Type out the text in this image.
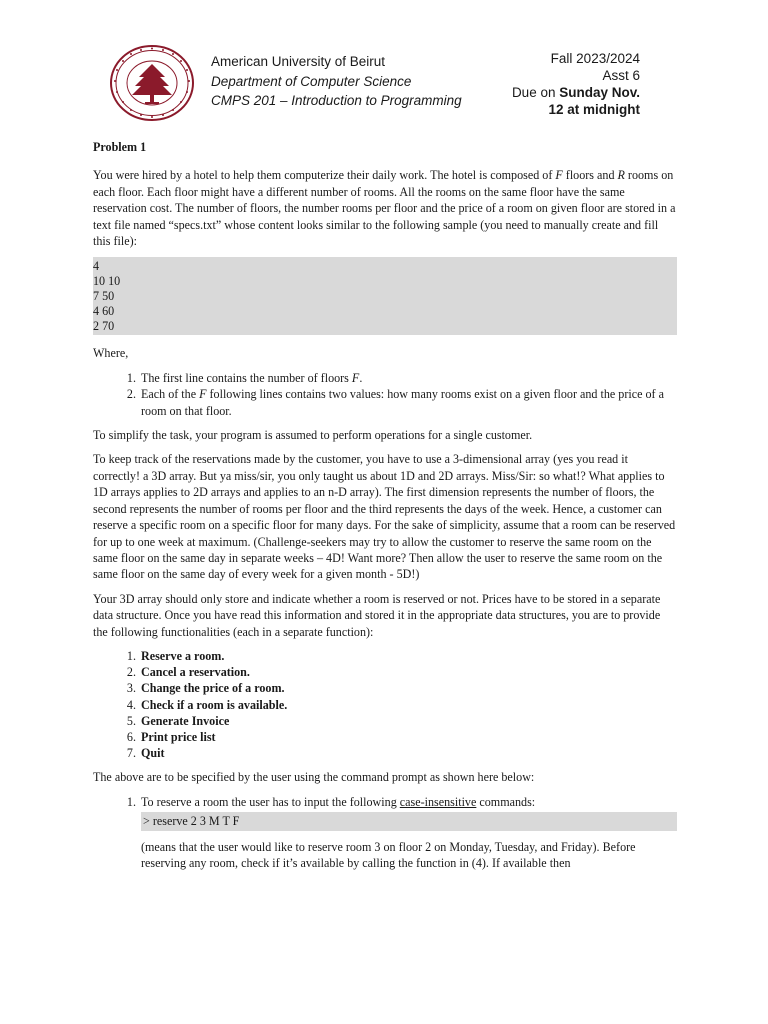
American University of Beirut
Department of Computer Science
CMPS 201 – Introduction to Programming
Fall 2023/2024
Asst 6
Due on Sunday Nov.
12 at midnight

Problem 1

You were hired by a hotel to help them computerize their daily work. The hotel is composed of F floors and R rooms on each floor. Each floor might have a different number of rooms. All the rooms on the same floor have the same reservation cost. The number of floors, the number rooms per floor and the price of a room on given floor are stored in a text file named “specs.txt” whose content looks similar to the following sample (you need to manually create and fill this file):

4
10 10
7 50
4 60
2 70

Where,

1. The first line contains the number of floors F.
2. Each of the F following lines contains two values: how many rooms exist on a given floor and the price of a room on that floor.

To simplify the task, your program is assumed to perform operations for a single customer.

To keep track of the reservations made by the customer, you have to use a 3-dimensional array (yes you read it correctly! a 3D array. But ya miss/sir, you only taught us about 1D and 2D arrays. Miss/Sir: so what!? What applies to 1D arrays applies to 2D arrays and applies to an n-D array). The first dimension represents the number of floors, the second represents the number of rooms per floor and the third represents the days of the week. Hence, a customer can reserve a specific room on a specific floor for many days. For the sake of simplicity, assume that a room can be reserved for up to one week at maximum. (Challenge-seekers may try to allow the customer to reserve the same room on the same floor on the same day in separate weeks – 4D! Want more? Then allow the user to reserve the same room on the same floor on the same day of every week for a given month - 5D!)

Your 3D array should only store and indicate whether a room is reserved or not. Prices have to be stored in a separate data structure. Once you have read this information and stored it in the appropriate data structures, you are to provide the following functionalities (each in a separate function):

1. Reserve a room.
2. Cancel a reservation.
3. Change the price of a room.
4. Check if a room is available.
5. Generate Invoice
6. Print price list
7. Quit

The above are to be specified by the user using the command prompt as shown here below:

1. To reserve a room the user has to input the following case-insensitive commands:
> reserve 2 3 M T F
(means that the user would like to reserve room 3 on floor 2 on Monday, Tuesday, and Friday). Before reserving any room, check if it’s available by calling the function in (4). If available then
